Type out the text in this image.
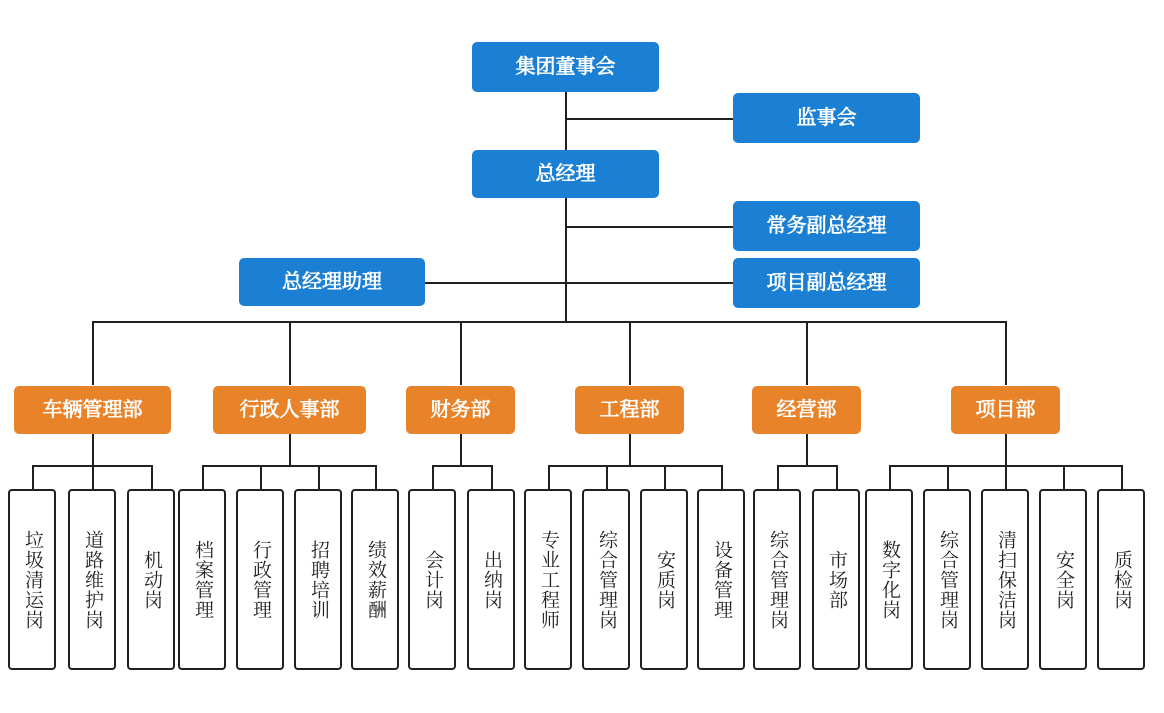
集团董事会
监事会
总经理
常务副总经理
总经理助理	项目副总经理
车辆管理部	行政人事部	财务部	工程部	经营部	项目部
垃圾清运岗 道路维护岗 机动岗 档案管理 行政管理 招聘培训 绩效薪酬 会计岗 出纳岗 专业工程师 综合管理岗 安质岗 设备管理 综合管理岗 市场部 数字化岗 综合管理岗 清扫保洁岗 安全岗 质检岗
